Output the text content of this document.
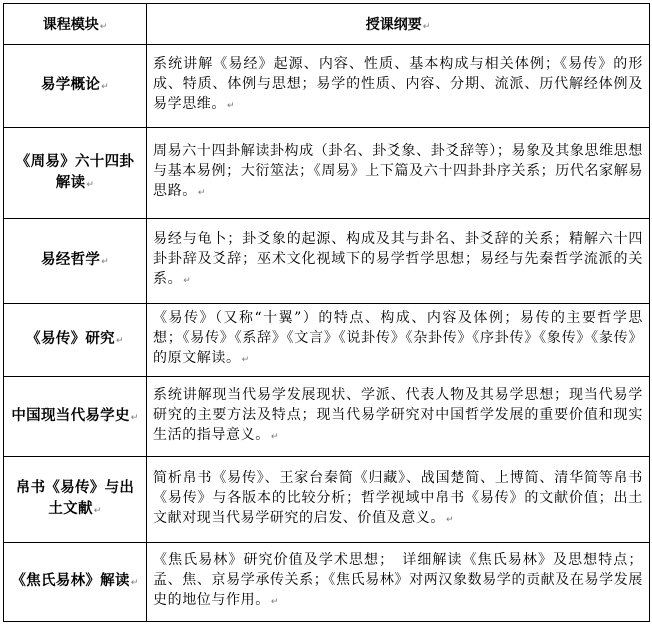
课程模块↵	授课纲要↵
易学概论↵	系统讲解《易经》起源、内容、性质、基本构成与相关体例；《易传》的形成、特质、体例与思想；易学的性质、内容、分期、流派、历代解经体例及易学思维。↵
《周易》六十四卦解读↵	周易六十四卦解读卦构成（卦名、卦爻象、卦爻辞等）；易象及其象思维思想与基本易例；大衍筮法；《周易》上下篇及六十四卦卦序关系；历代名家解易思路。↵
易经哲学↵	易经与龟卜；卦爻象的起源、构成及其与卦名、卦爻辞的关系；精解六十四卦卦辞及爻辞；巫术文化视域下的易学哲学思想；易经与先秦哲学流派的关系。↵
《易传》研究↵	《易传》（又称“十翼”）的特点、构成、内容及体例；易传的主要哲学思想；《易传》《系辞》《文言》《说卦传》《杂卦传》《序卦传》《象传》《彖传》的原文解读。↵
中国现当代易学史↵	系统讲解现当代易学发展现状、学派、代表人物及其易学思想；现当代易学研究的主要方法及特点；现当代易学研究对中国哲学发展的重要价值和现实生活的指导意义。↵
帛书《易传》与出土文献↵	简析帛书《易传》、王家台秦简《归藏》、战国楚简、上博简、清华简等帛书《易传》与各版本的比较分析；哲学视域中帛书《易传》的文献价值；出土文献对现当代易学研究的启发、价值及意义。↵
《焦氏易林》解读↵	《焦氏易林》研究价值及学术思想；　详细解读《焦氏易林》及思想特点；孟、焦、京易学承传关系；《焦氏易林》对两汉象数易学的贡献及在易学发展史的地位与作用。↵
